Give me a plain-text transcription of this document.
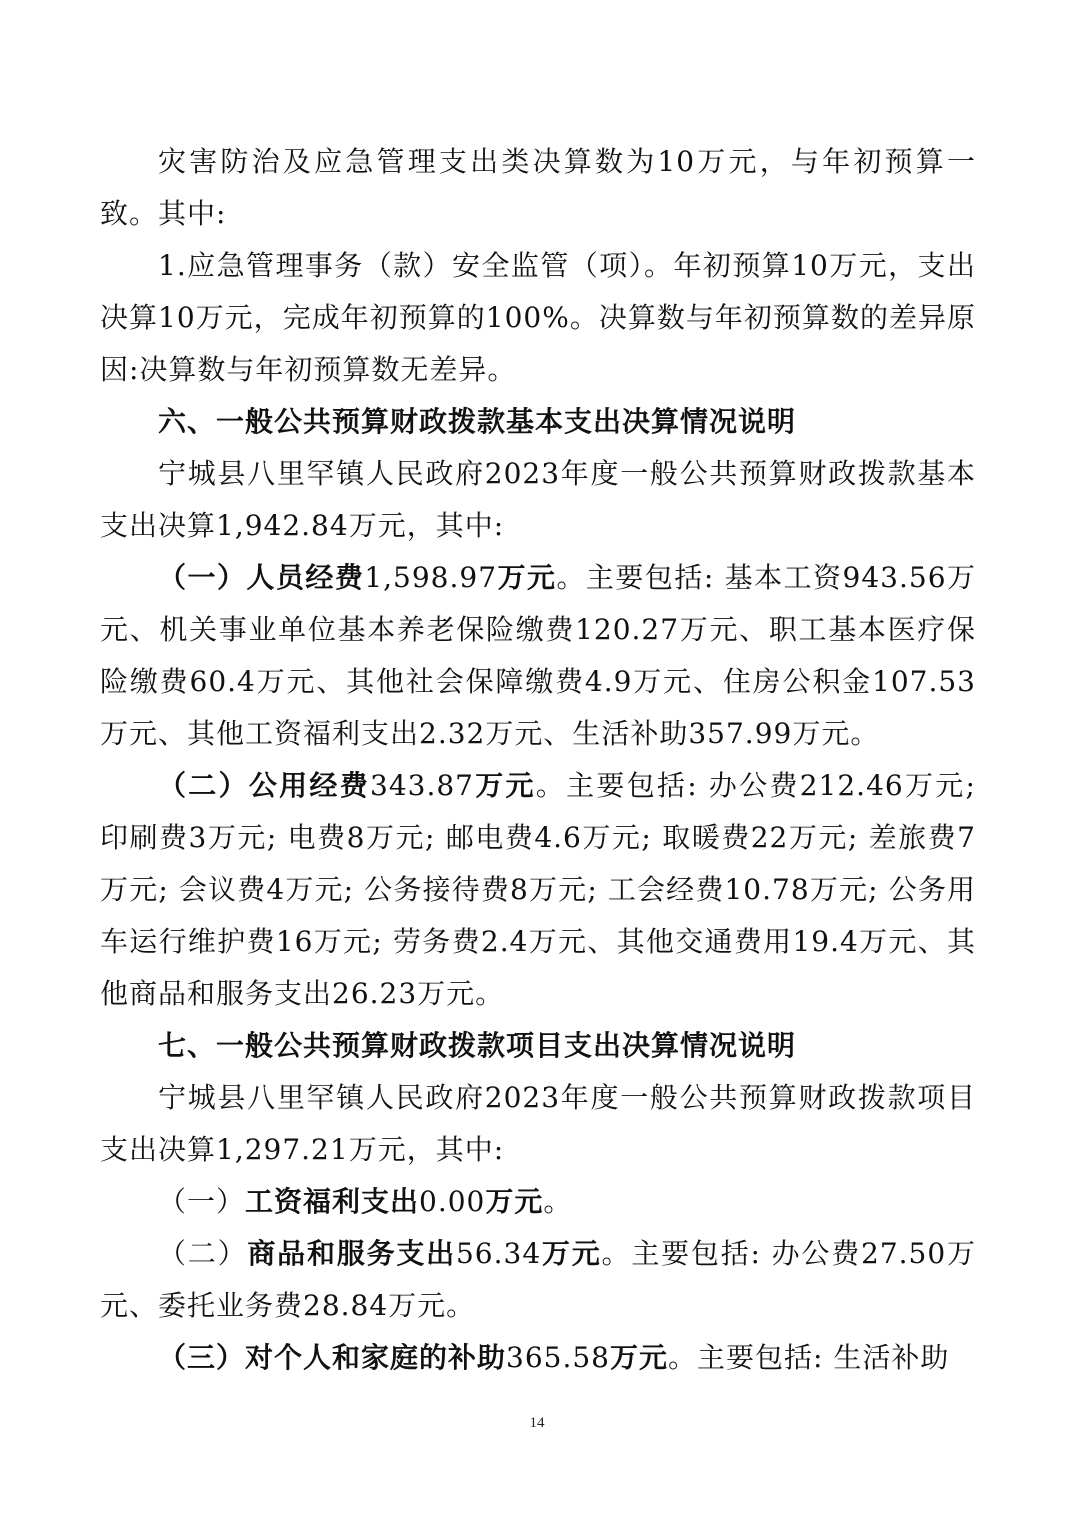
灾害防治及应急管理支出类决算数为10万元，与年初预算一致。其中:

1.应急管理事务（款）安全监管（项）。年初预算10万元，支出决算10万元，完成年初预算的100%。决算数与年初预算数的差异原因:决算数与年初预算数无差异。

六、一般公共预算财政拨款基本支出决算情况说明

宁城县八里罕镇人民政府2023年度一般公共预算财政拨款基本支出决算1,942.84万元，其中:

（一）人员经费1,598.97万元。主要包括: 基本工资943.56万元、机关事业单位基本养老保险缴费120.27万元、职工基本医疗保险缴费60.4万元、其他社会保障缴费4.9万元、住房公积金107.53万元、其他工资福利支出2.32万元、生活补助357.99万元。

（二）公用经费343.87万元。主要包括: 办公费212.46万元; 印刷费3万元; 电费8万元; 邮电费4.6万元; 取暖费22万元; 差旅费7万元; 会议费4万元; 公务接待费8万元; 工会经费10.78万元; 公务用车运行维护费16万元; 劳务费2.4万元、其他交通费用19.4万元、其他商品和服务支出26.23万元。

七、一般公共预算财政拨款项目支出决算情况说明

宁城县八里罕镇人民政府2023年度一般公共预算财政拨款项目支出决算1,297.21万元，其中:

（一）工资福利支出0.00万元。

（二）商品和服务支出56.34万元。主要包括: 办公费27.50万元、委托业务费28.84万元。

（三）对个人和家庭的补助365.58万元。主要包括: 生活补助

14
